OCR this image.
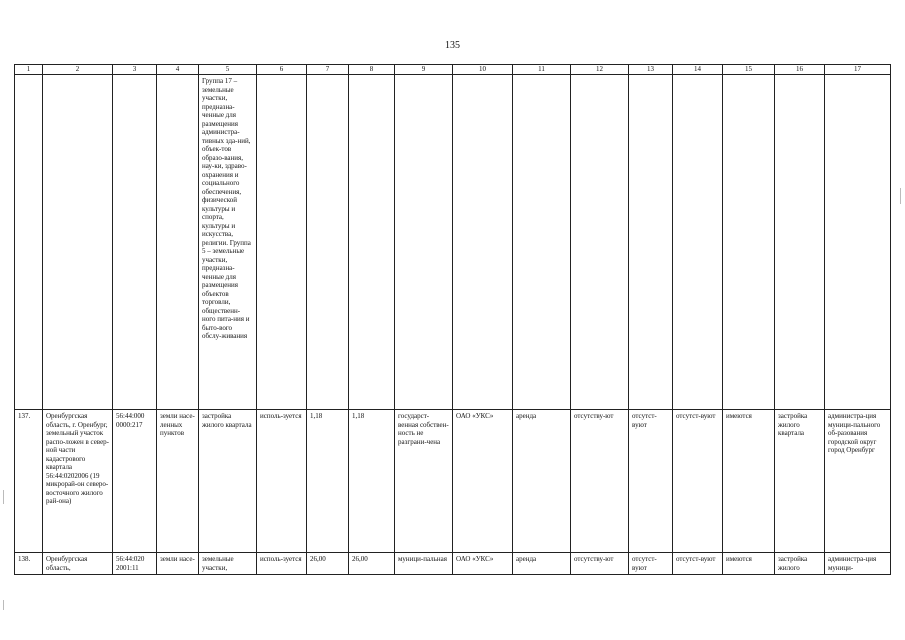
135
1	2	3	4	5	6	7	8	9	10	11	12	13	14	15	16	17
				Группа 17 – земельные участки, предназна-ченные для размещения администра-тивных зда-ний, объек-тов образо-вания, нау-ки, здраво-охранения и социального обеспечения, физической культуры и спорта, культуры и искусства, религии. Группа 5 – земельные участки, предназна-ченные для размещения объектов торговли, общественн-ного пита-ния и быто-вого обслу-живания												
137.	Оренбургская область, г. Оренбург, земельный участок распо-ложен в север-ной части кадастрового квартала 56:44:0202006 (19 микрорай-он северо-восточного жилого рай-она)	56:44:000 0000:217	земли насе-ленных пунктов	застройка жилого квартала	исполь-зуется	1,18	1,18	государст-венная собствен-ность не разграни-чена	ОАО «УКС»	аренда	отсутству-ют	отсутст-вуют	отсутст-вуют	имеются	застройка жилого квартала	администра-ция муници-пального об-разования городской округ город Оренбург
138.	Оренбургская область,	56:44:020 2001:11	земли насе-	земельные участки,	исполь-зуется	26,00	26,00	муници-пальная	ОАО «УКС»	аренда	отсутству-ют	отсутст-вуют	отсутст-вуют	имеются	застройка жилого	администра-ция муници-
